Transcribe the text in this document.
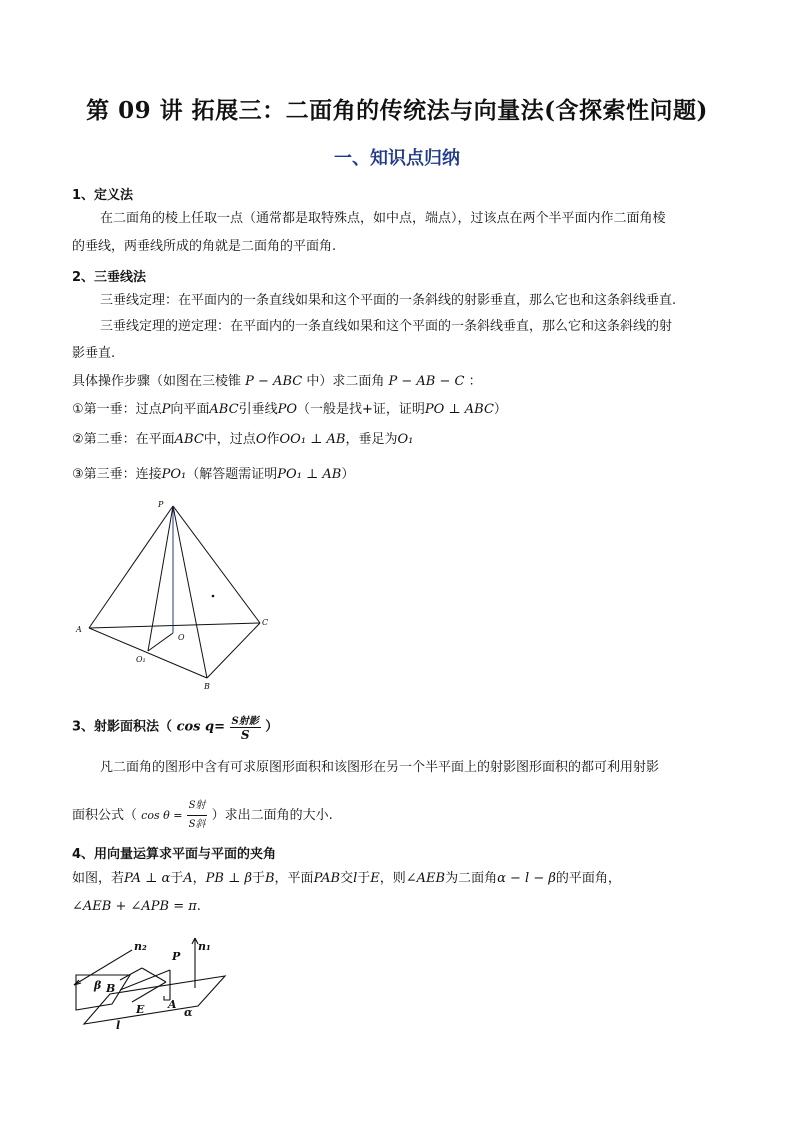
第 09 讲 拓展三：二面角的传统法与向量法(含探索性问题)
一、知识点归纳
1、定义法
在二面角的棱上任取一点（通常都是取特殊点，如中点，端点），过该点在两个半平面内作二面角棱
的垂线，两垂线所成的角就是二面角的平面角.
2、三垂线法
三垂线定理：在平面内的一条直线如果和这个平面的一条斜线的射影垂直，那么它也和这条斜线垂直.
三垂线定理的逆定理：在平面内的一条直线如果和这个平面的一条斜线垂直，那么它和这条斜线的射
影垂直.
具体操作步骤（如图在三棱锥 P − ABC 中）求二面角 P − AB − C ：
①第一垂：过点P向平面ABC引垂线PO（一般是找+证，证明PO ⊥ ABC）
②第二垂：在平面ABC中，过点O作OO₁ ⊥ AB，垂足为O₁
③第三垂：连接PO₁（解答题需证明PO₁ ⊥ AB）
P
A
C
B
O
O₁
3、射影面积法（ $\cos q= \frac{\text{S射影}}{S}$ ）
凡二面角的图形中含有可求原图形面积和该图形在另一个半平面上的射影图形面积的都可利用射影
面积公式（ $\cos \theta = \frac{\text{S射}}{\text{S斜}}$ ）求出二面角的大小.
4、用向量运算求平面与平面的夹角
如图，若PA ⊥ α于A，PB ⊥ β于B，平面PAB交l于E，则∠AEB为二面角α − l − β的平面角，
∠AEB + ∠APB = π.
n₂	n₁
P
β B
E A
α
l
